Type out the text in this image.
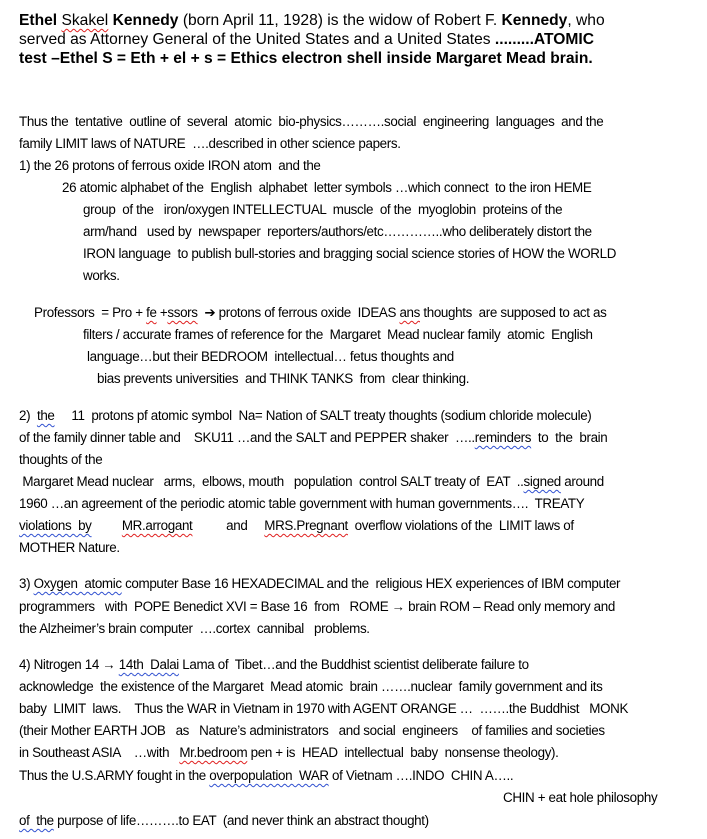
Ethel Skakel Kennedy (born April 11, 1928) is the widow of Robert F. Kennedy, who
served as Attorney General of the United States and a United States .........ATOMIC
test –Ethel S = Eth + el + s = Ethics electron shell inside Margaret Mead brain.
Thus the  tentative  outline of  several  atomic  bio-physics……….social  engineering  languages  and the
family LIMIT laws of NATURE  ….described in other science papers.
1) the 26 protons of ferrous oxide IRON atom  and the
26 atomic alphabet of the  English  alphabet  letter symbols …which connect  to the iron HEME
group  of the   iron/oxygen INTELLECTUAL  muscle  of the  myoglobin  proteins of the
arm/hand   used by  newspaper  reporters/authors/etc…………..who deliberately distort the
IRON language  to publish bull-stories and bragging social science stories of HOW the WORLD
works.
Professors  = Pro + fe +ssors  ➔ protons of ferrous oxide  IDEAS ans thoughts  are supposed to act as
filters / accurate frames of reference for the  Margaret  Mead nuclear family  atomic  English
language…but their BEDROOM  intellectual… fetus thoughts and
bias prevents universities  and THINK TANKS  from  clear thinking.
2)  the     11  protons pf atomic symbol  Na= Nation of SALT treaty thoughts (sodium chloride molecule)
of the family dinner table and    SKU11 …and the SALT and PEPPER shaker  …..reminders  to  the  brain
thoughts of the
Margaret Mead nuclear   arms,  elbows, mouth   population  control SALT treaty of  EAT  ..signed around
1960 …an agreement of the periodic atomic table government with human governments….  TREATY
violations  by MR.arrogant          and     MRS.Pregnant  overflow violations of the  LIMIT laws of
MOTHER Nature.
3) Oxygen  atomic computer Base 16 HEXADECIMAL and the  religious HEX experiences of IBM computer
programmers   with  POPE Benedict XVI = Base 16  from   ROME → brain ROM – Read only memory and
the Alzheimer’s brain computer  ….cortex  cannibal   problems.
4) Nitrogen 14 → 14th  Dalai Lama of  Tibet…and the Buddhist scientist deliberate failure to
acknowledge  the existence of the Margaret  Mead atomic  brain …….nuclear  family government and its
baby  LIMIT  laws.    Thus the WAR in Vietnam in 1970 with AGENT ORANGE …  …….the Buddhist   MONK
(their Mother EARTH JOB   as   Nature’s administrators   and social  engineers    of families and societies
in Southeast ASIA    …with   Mr.bedroom pen + is  HEAD  intellectual  baby  nonsense theology).
Thus the U.S.ARMY fought in the overpopulation  WAR of Vietnam ….INDO  CHIN A…..
CHIN + eat hole philosophy
of  the purpose of life……….to EAT  (and never think an abstract thought)
